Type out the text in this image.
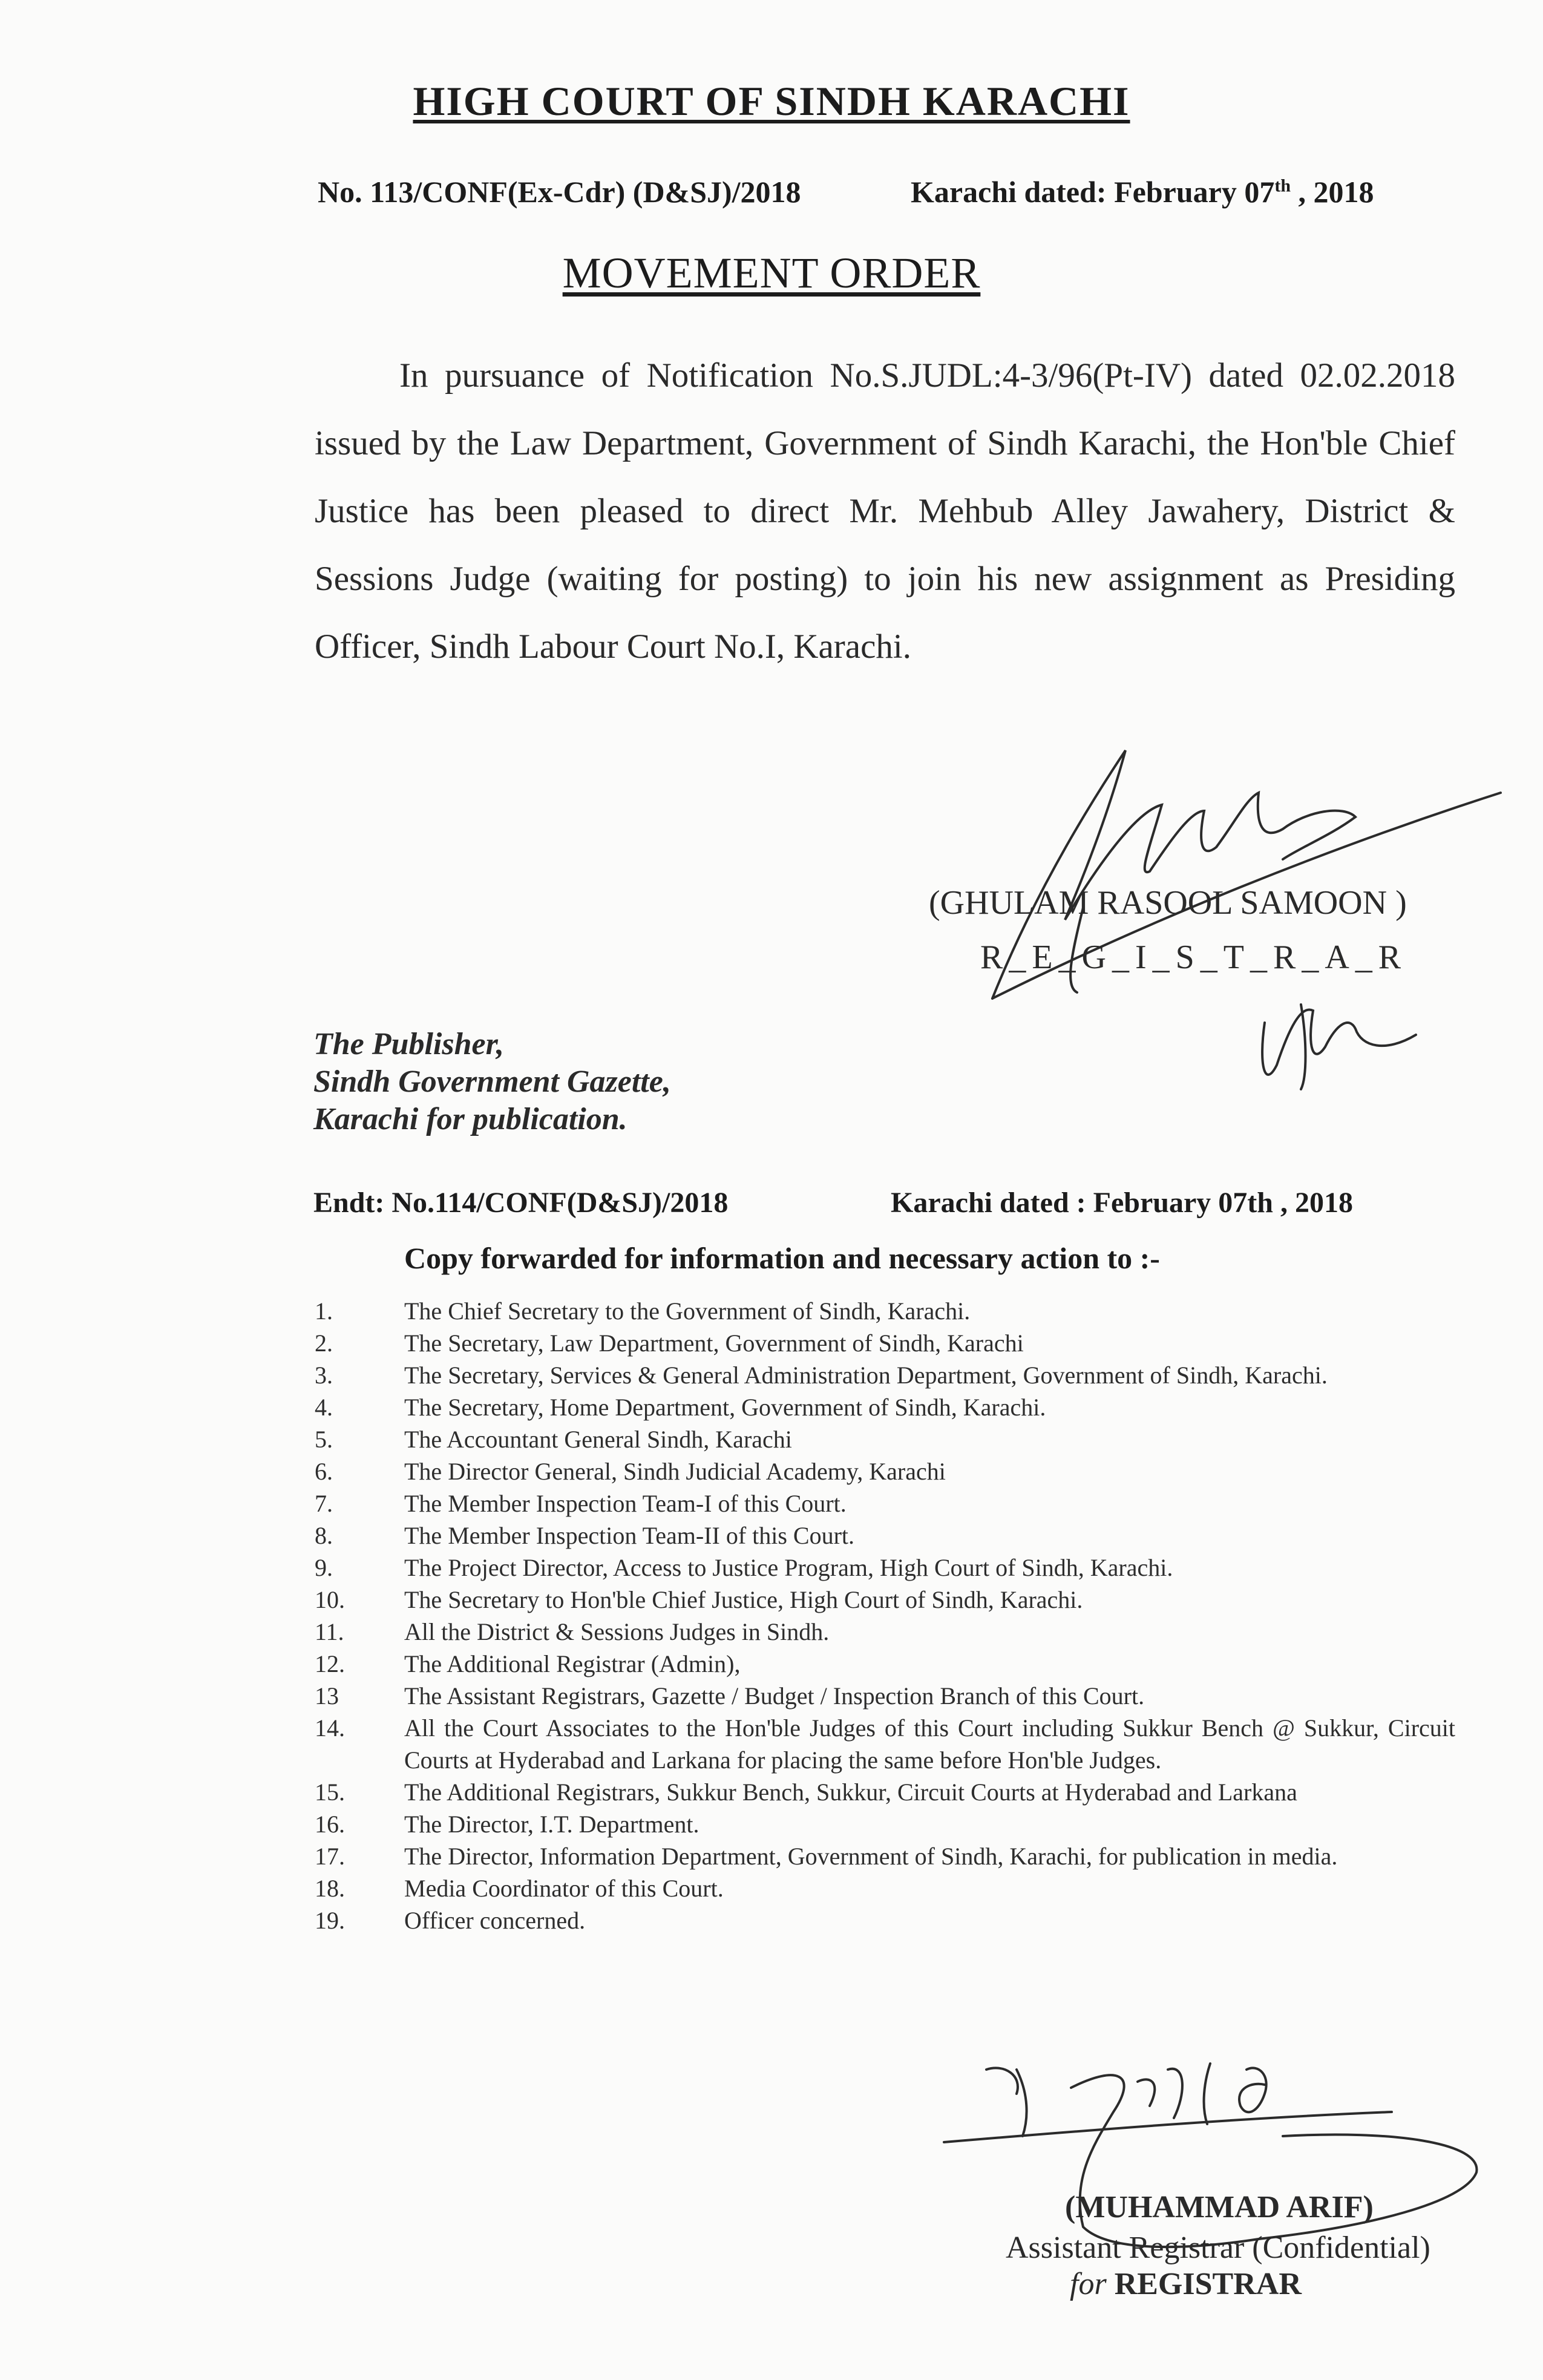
HIGH COURT OF SINDH KARACHI
No. 113/CONF(Ex-Cdr) (D&SJ)/2018	Karachi dated: February 07th , 2018
MOVEMENT ORDER
In pursuance of Notification No.S.JUDL:4-3/96(Pt-IV) dated 02.02.2018 issued by the Law Department, Government of Sindh Karachi, the Hon'ble Chief Justice has been pleased to direct Mr. Mehbub Alley Jawahery, District & Sessions Judge (waiting for posting) to join his new assignment as Presiding Officer, Sindh Labour Court No.I, Karachi.
(GHULAM RASOOL SAMOON )
R_E_G_I_S_T_R_A_R
The Publisher,
Sindh Government Gazette,
Karachi for publication.
Endt: No.114/CONF(D&SJ)/2018	Karachi dated : February 07th , 2018
Copy forwarded for information and necessary action to :-
1.	The Chief Secretary to the Government of Sindh, Karachi.
2.	The Secretary, Law Department, Government of Sindh, Karachi
3.	The Secretary, Services & General Administration Department, Government of Sindh, Karachi.
4.	The Secretary, Home Department, Government of Sindh, Karachi.
5.	The Accountant General Sindh, Karachi
6.	The Director General, Sindh Judicial Academy, Karachi
7.	The Member Inspection Team-I of this Court.
8.	The Member Inspection Team-II of this Court.
9.	The Project Director, Access to Justice Program, High Court of Sindh, Karachi.
10.	The Secretary to Hon'ble Chief Justice, High Court of Sindh, Karachi.
11.	All the District & Sessions Judges in Sindh.
12.	The Additional Registrar (Admin),
13	The Assistant Registrars, Gazette / Budget / Inspection Branch of this Court.
14.	All the Court Associates to the Hon'ble Judges of this Court including Sukkur Bench @ Sukkur, Circuit Courts at Hyderabad and Larkana for placing the same before Hon'ble Judges.
15.	The Additional Registrars, Sukkur Bench, Sukkur, Circuit Courts at Hyderabad and Larkana
16.	The Director, I.T. Department.
17.	The Director, Information Department, Government of Sindh, Karachi, for publication in media.
18.	Media Coordinator of this Court.
19.	Officer concerned.
(MUHAMMAD ARIF)
Assistant Registrar (Confidential)
for REGISTRAR
